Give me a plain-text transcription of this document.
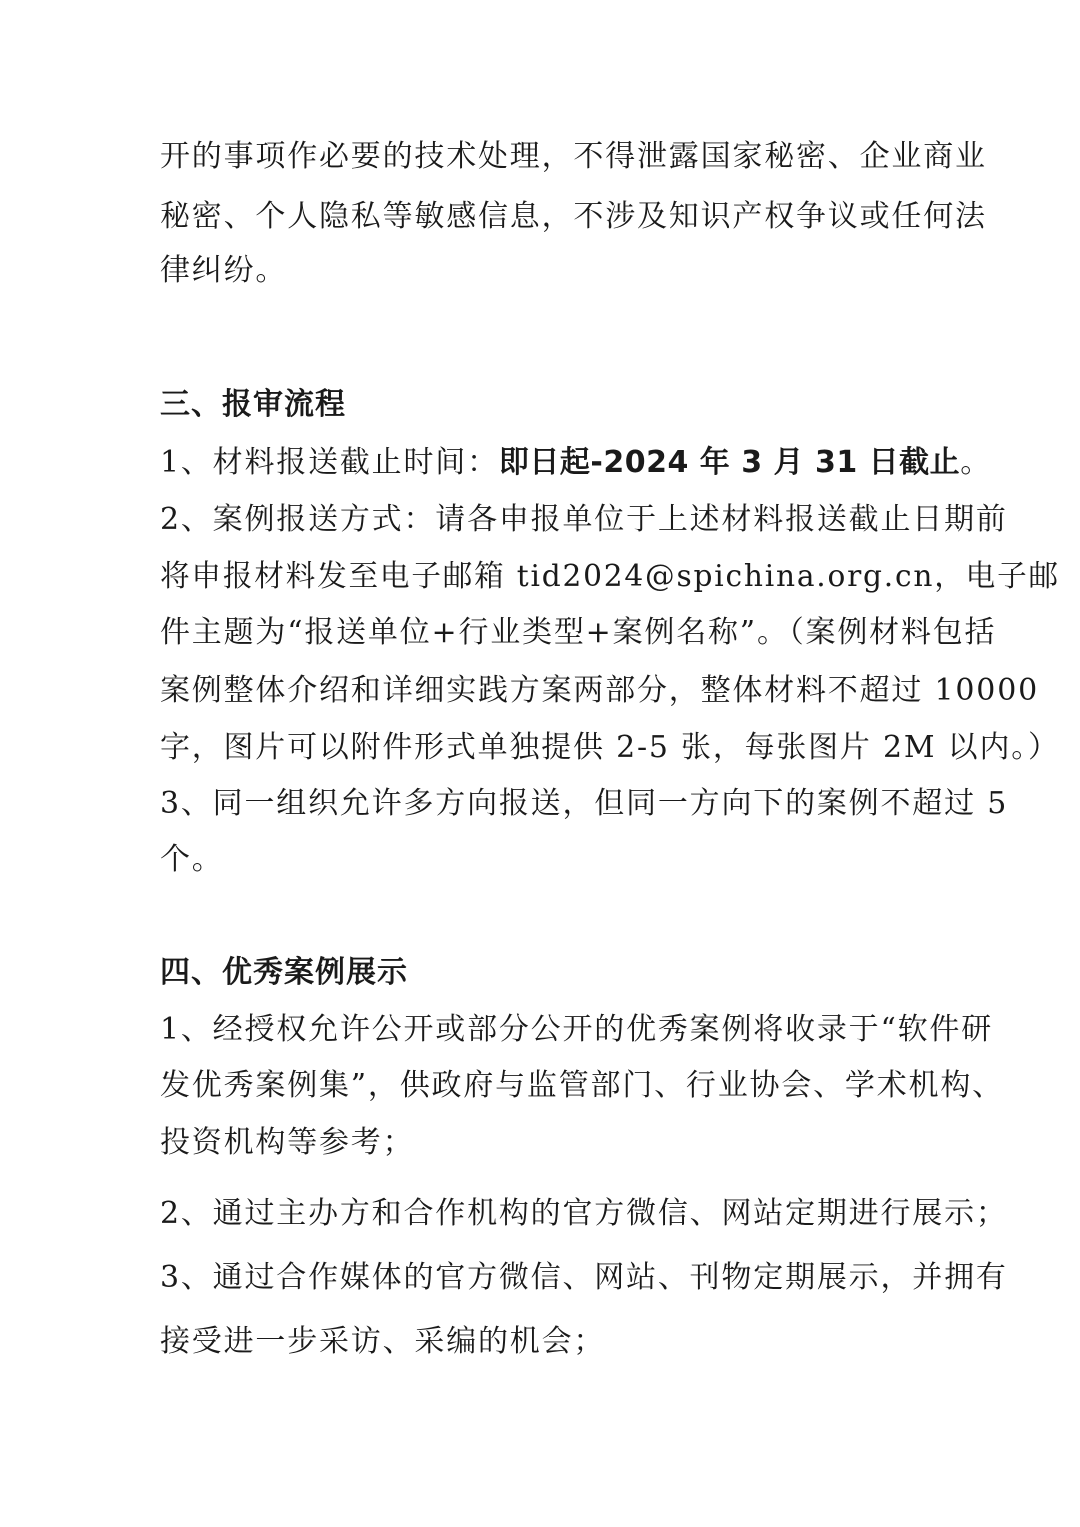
开的事项作必要的技术处理，不得泄露国家秘密、企业商业
秘密、个人隐私等敏感信息，不涉及知识产权争议或任何法
律纠纷。
三、报审流程
1、材料报送截止时间：即日起-2024 年 3 月 31 日截止。
2、案例报送方式：请各申报单位于上述材料报送截止日期前
将申报材料发至电子邮箱 tid2024@spichina.org.cn，电子邮
件主题为“报送单位+行业类型+案例名称”。（案例材料包括
案例整体介绍和详细实践方案两部分，整体材料不超过 10000
字，图片可以附件形式单独提供 2-5 张，每张图片 2M 以内。）
3、同一组织允许多方向报送，但同一方向下的案例不超过 5
个。
四、优秀案例展示
1、经授权允许公开或部分公开的优秀案例将收录于“软件研
发优秀案例集”，供政府与监管部门、行业协会、学术机构、
投资机构等参考；
2、通过主办方和合作机构的官方微信、网站定期进行展示；
3、通过合作媒体的官方微信、网站、刊物定期展示，并拥有
接受进一步采访、采编的机会；
